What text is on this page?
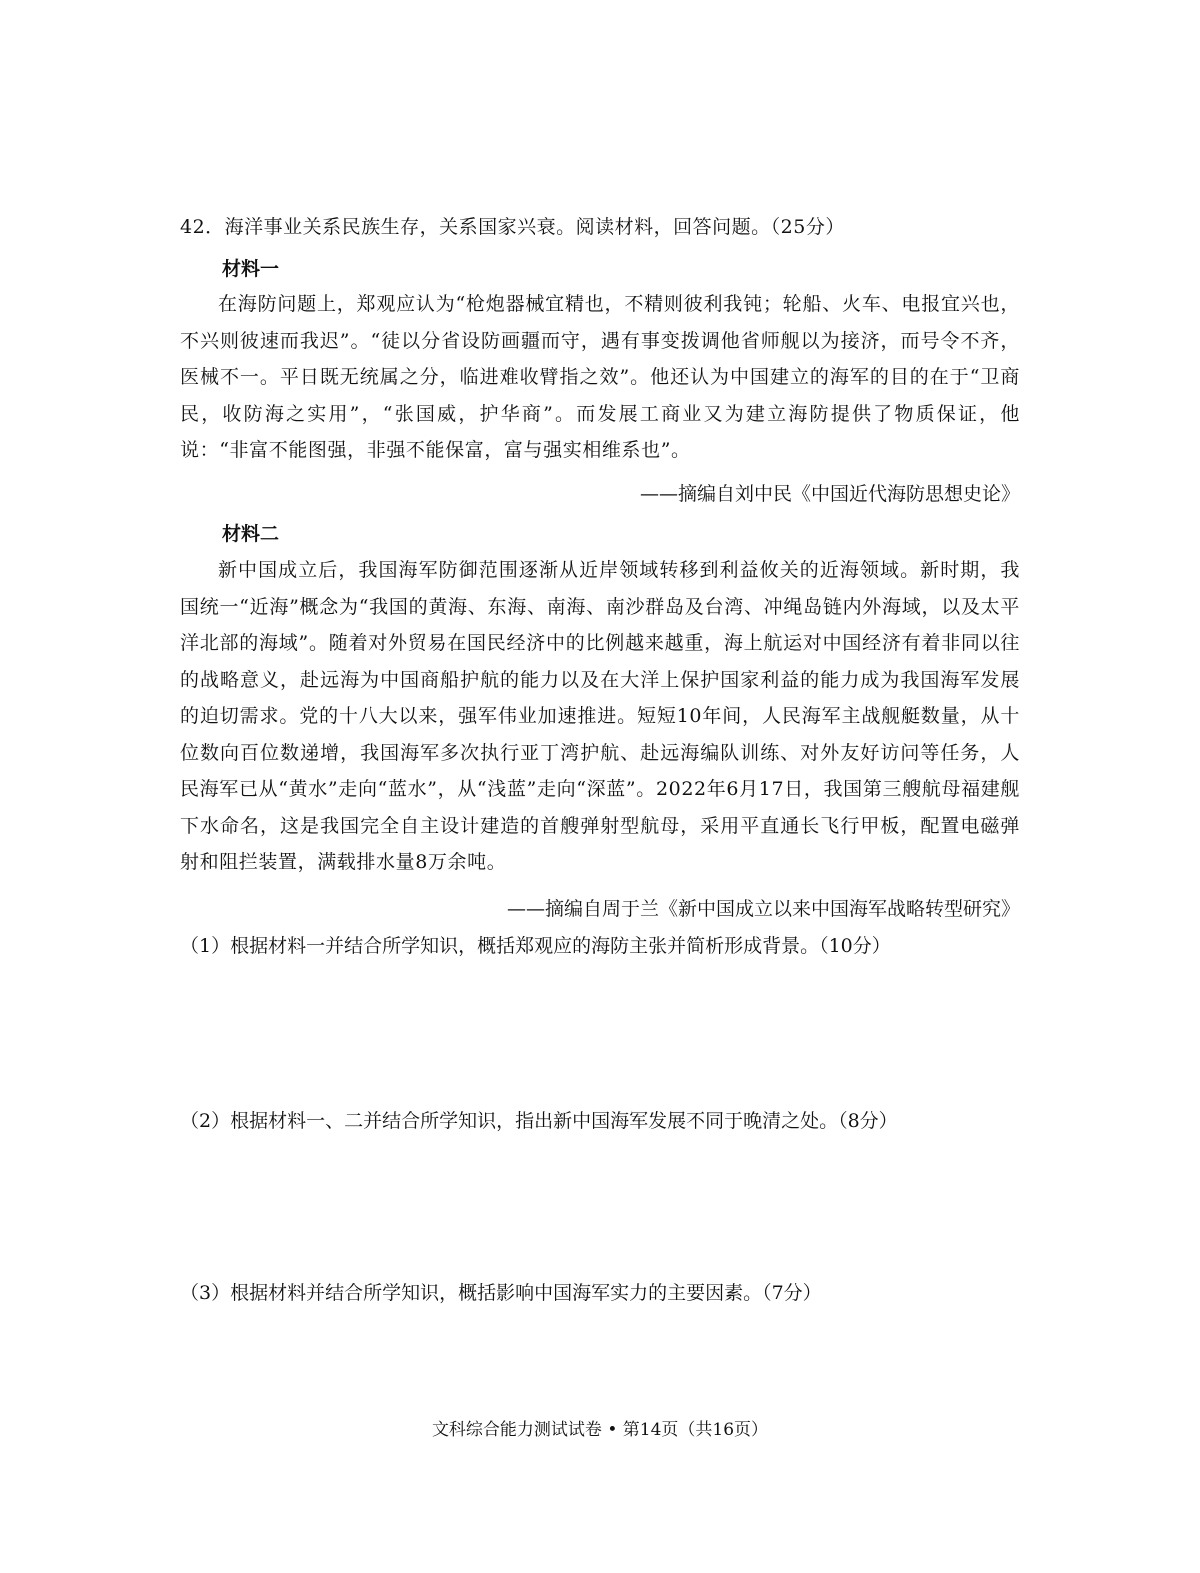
42．海洋事业关系民族生存，关系国家兴衰。阅读材料，回答问题。（25分）
材料一
在海防问题上，郑观应认为“枪炮器械宜精也，不精则彼利我钝；轮船、火车、电报宜兴也，不兴则彼速而我迟”。“徒以分省设防画疆而守，遇有事变拨调他省师舰以为接济，而号令不齐，医械不一。平日既无统属之分，临进难收臂指之效”。他还认为中国建立的海军的目的在于“卫商民，收防海之实用”，“张国威，护华商”。而发展工商业又为建立海防提供了物质保证，他说：“非富不能图强，非强不能保富，富与强实相维系也”。
——摘编自刘中民《中国近代海防思想史论》
材料二
新中国成立后，我国海军防御范围逐渐从近岸领域转移到利益攸关的近海领域。新时期，我国统一“近海”概念为“我国的黄海、东海、南海、南沙群岛及台湾、冲绳岛链内外海域，以及太平洋北部的海域”。随着对外贸易在国民经济中的比例越来越重，海上航运对中国经济有着非同以往的战略意义，赴远海为中国商船护航的能力以及在大洋上保护国家利益的能力成为我国海军发展的迫切需求。党的十八大以来，强军伟业加速推进。短短10年间，人民海军主战舰艇数量，从十位数向百位数递增，我国海军多次执行亚丁湾护航、赴远海编队训练、对外友好访问等任务，人民海军已从“黄水”走向“蓝水”，从“浅蓝”走向“深蓝”。2022年6月17日，我国第三艘航母福建舰下水命名，这是我国完全自主设计建造的首艘弹射型航母，采用平直通长飞行甲板，配置电磁弹射和阻拦装置，满载排水量8万余吨。
——摘编自周于兰《新中国成立以来中国海军战略转型研究》
（1）根据材料一并结合所学知识，概括郑观应的海防主张并简析形成背景。（10分）
（2）根据材料一、二并结合所学知识，指出新中国海军发展不同于晚清之处。（8分）
（3）根据材料并结合所学知识，概括影响中国海军实力的主要因素。（7分）
文科综合能力测试试卷 • 第14页（共16页）
